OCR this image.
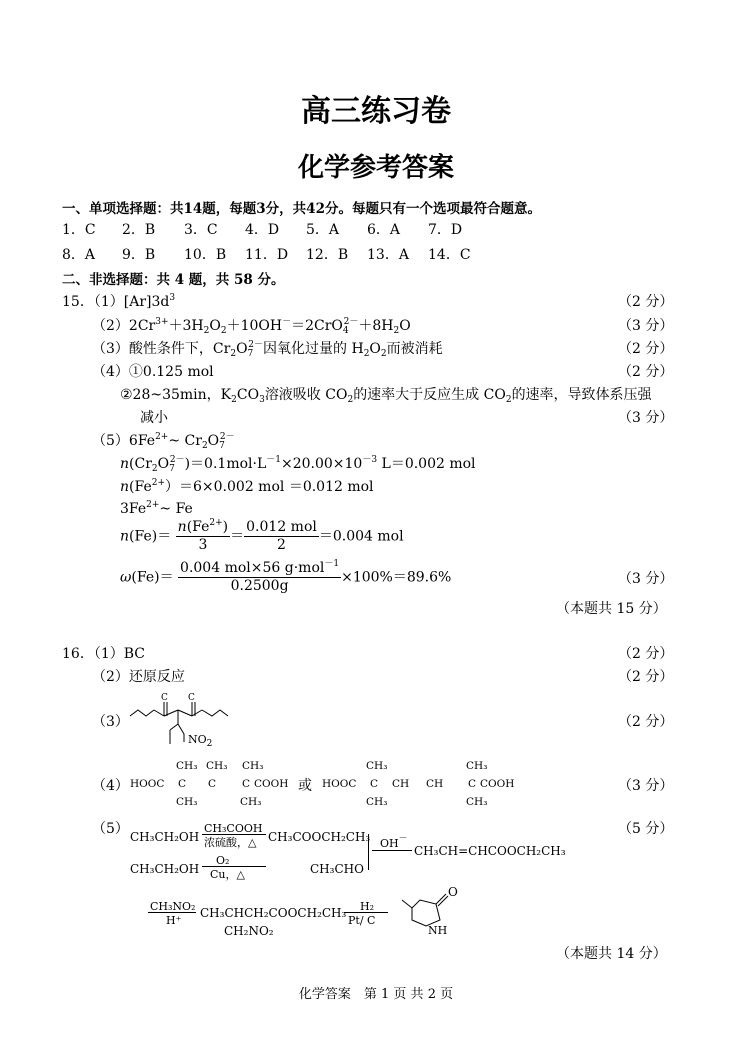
高三练习卷
化学参考答案
一、单项选择题：共14题，每题3分，共42分。每题只有一个选项最符合题意。
1．C 2．B 3．C 4．D 5．A 6．A 7．D
8．A 9．B 10．B 11．D 12．B 13．A 14．C
二、非选择题：共 4 题，共 58 分。
15．$(1)[Ar]3d^3$	（2 分）
$(2)2Cr^{3+}+3H_2O_2+10OH^-=2CrO_4^{2-}+8H_2O$	（3 分）
（3）酸性条件下，$Cr_2O_7^{2-}$因氧化过量的 $H_2O_2$而被消耗	（2 分）
（4）①0.125 mol	（2 分）
②28~35min，$K_2CO_3$溶液吸收 $CO_2$的速率大于反应生成 $CO_2$的速率，导致体系压强
减小	（3 分）
$(5)6Fe^{2+}\sim$ $Cr_2O_7^{2-}$
$n(Cr_2O_7^{2-})=0.1mol\cdot L^{-1}\times 20.00\times 10^{-3}$ L＝0.002 mol
$n(Fe^{2+})=6\times 0.002$ mol ＝0.012 mol
$3Fe^{2+}\sim$ Fe
$n(Fe)= \frac{n(Fe^{2+})}{3} = \frac{\text{0.012 mol}}{2} =0.004$ mol
$\omega(Fe)= \frac{0.004 mol\times 56 g\cdot mol^{-1}}{0.2500g} \times 100\%=89.6\%$	（3 分）
（本题共 15 分）
16．（1）BC	（2 分）
（2）还原反应	（2 分）
（3）
C C
$NO_2$
（2 分）
（4）
CH₃ CH₃ CH₃
HOOC C C C COOH
CH₃	CH₃
或
CH₃	CH₃
HOOC C CH CH C COOH
CH₃	CH₃
（3 分）
（5）	（5 分）
CH₃CH₂OH
CH₃COOH
浓硫酸，△ CH₃COOCH₂CH₃
CH₃CH₂OH
O₂
Cu，△	CH₃CHO
OH－
CH₃CH=CHCOOCH₂CH₃
CH₃NO₂
H⁺
CH₃CHCH₂COOCH₂CH₃
CH₂NO₂
H₂
Pt/ C
O
NH
（本题共 14 分）
化学答案　第 1 页 共 2 页
